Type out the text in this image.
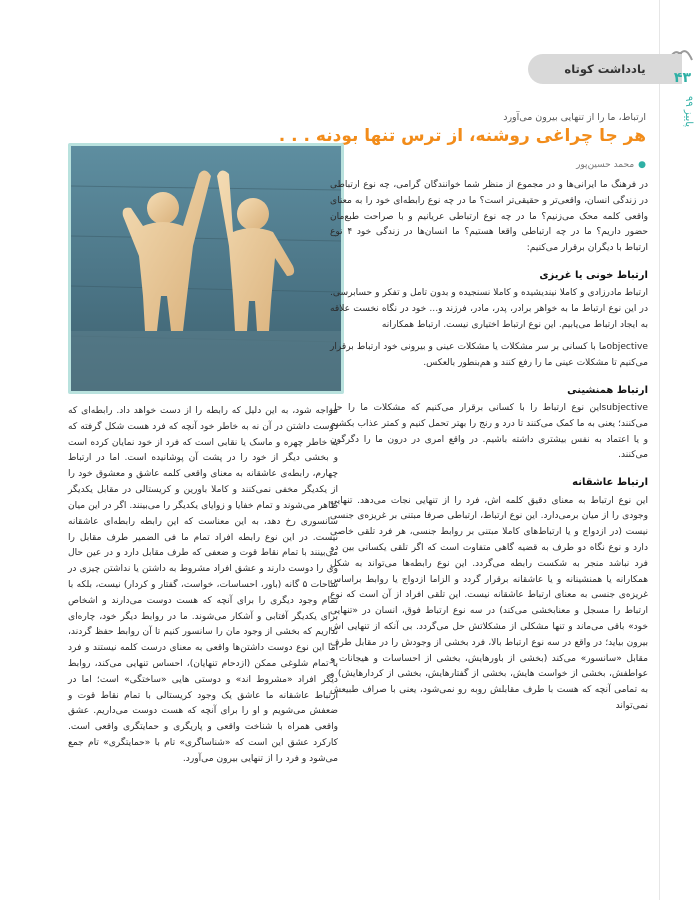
یادداشت کوتاه
۴۳
پاییز ۹۹
ارتباط، ما را از تنهایی بیرون می‌آورد
هر جا چراغی روشنه، از ترس تنها بودنه . . .
●
محمد حسین‌پور

در فرهنگ ما ایرانی‌ها و در مجموع از منظر شما خوانندگان گرامی، چه نوع ارتباطی در زندگی انسان، واقعی‌تر و حقیقی‌تر است؟ ما در چه نوع رابطه‌ای خود را به معنای واقعی کلمه محک می‌زنیم؟ ما در چه نوع ارتباطی عریانیم و با صراحت طبع‌مان حضور داریم؟ ما در چه ارتباطی واقعا هستیم؟ ما انسان‌ها در زندگی خود ۴ نوع ارتباط با دیگران برقرار می‌کنیم:

ارتباط خونی یا غریزی

ارتباط مادرزادی و کاملا نیندیشیده و کاملا نسنجیده و بدون تامل و تفکر و حسابرسی. در این نوع ارتباط ما به خواهر برادر، پدر، مادر، فرزند و... خود در نگاه نخست علاقه به ایجاد ارتباط می‌یابیم. این نوع ارتباط اختیاری نیست. ارتباط همکارانه

objectiveما با کسانی بر سر مشکلات یا مشکلات عینی و بیرونی خود ارتباط برقرار می‌کنیم تا مشکلات عینی ما را رفع کنند و هم‌بنطور بالعکس.

ارتباط همنشینی

subjectiveاین نوع ارتباط را با کسانی برقرار می‌کنیم که مشکلات ما را حل می‌کنند؛ یعنی به ما کمک می‌کنند تا درد و رنج را بهتر تحمل کنیم و کمتر عذاب بکشیم و یا اعتماد به نفس بیشتری داشته باشیم. در واقع امری در درون ما را دگرگون می‌کنند.

ارتباط عاشقانه

این نوع ارتباط به معنای دقیق کلمه اش، فرد را از تنهایی نجات می‌دهد. تنهایی وجودی را از میان برمی‌دارد. این نوع ارتباط، ارتباطی صرفا مبتنی بر غریزه‌ی جنسی نیست (در ازدواج و یا ارتباط‌های کاملا مبتنی بر روابط جنسی، هر فرد تلقی خاصی دارد و نوع نگاه دو طرف به قضیه گاهی متفاوت است که اگر تلقی یکسانی بین دو فرد نباشد منجر به شکست رابطه می‌گردد. این نوع رابطه‌ها می‌تواند به شکل همکارانه یا همنشینانه و یا عاشقانه برقرار گردد و الزاما ازدواج یا روابط براساس غریزه‌ی جنسی به معنای ارتباط عاشقانه نیست. این تلقی افراد از آن است که نوع ارتباط را مسجل و معنابخشی می‌کند) در سه نوع ارتباط فوق، انسان در «تنهایی خود» باقی می‌ماند و تنها مشکلی از مشکلاتش حل می‌گردد. بی آنکه از تنهایی اش بیرون بیاید؛ در واقع در سه نوع ارتباط بالا، فرد بخشی از وجودش را در مقابل طرف مقابل «سانسور» می‌کند (بخشی از باورهایش، بخشی از احساسات و هیجانات و عواطفش، بخشی از خواست هایش، بخشی از گفتارهایش، بخشی از کردارهایش) و به تمامی آنچه که هست با طرف مقابلش روبه رو نمی‌شود، یعنی با صراف طبیعش نمی‌تواند

مواجه شود، به این دلیل که رابطه را از دست خواهد داد. رابطه‌ای که دوست داشتن در آن نه به خاطر خود آنچه که فرد هست شکل گرفته که به خاطر چهره و ماسک یا نقابی است که فرد از خود نمایان کرده است و بخشی دیگر از خود را در پشت آن پوشانیده است. اما در ارتباط چهارم، رابطه‌ی عاشقانه به معنای واقعی کلمه عاشق و معشوق خود را از یکدیگر مخفی نمی‌کنند و کاملا باورین و کریستالی در مقابل یکدیگر ظاهر می‌شوند و تمام خفایا و زوایای یکدیگر را می‌بینند. اگر در این میان سانسوری رخ دهد، به این معناست که این رابطه رابطه‌ای عاشقانه نیست. در این نوع رابطه افراد تمام ما فی الضمیر طرف مقابل را می‌بینند با تمام نقاط قوت و ضعفی که طرف مقابل دارد و در عین حال وی را دوست دارند و عشق افراد مشروط به داشتن یا نداشتن چیزی در ساحات ۵ گانه (باور، احساسات، خواست، گفتار و کردار) نیست، بلکه با تمام وجود دیگری را برای آنچه که هست دوست می‌دارند و اشخاص برای یکدیگر آفتابی و آشکار می‌شوند. ما در روابط دیگر خود، چاره‌ای نداریم که بخشی از وجود مان را سانسور کنیم تا آن روابط حفظ گردند، اما این نوع دوست داشتن‌ها واقعی به معنای درست کلمه نیستند و فرد با تمام شلوغی ممکن (ازدحام تنهایان)، احساس تنهایی می‌کند، روابط دیگر افراد «مشروط اند» و دوستی هایی «ساختگی» است؛ اما در ارتباط عاشقانه ما عاشق یک وجود کریستالی با تمام نقاط قوت و ضعفش می‌شویم و او را برای آنچه که هست دوست می‌داریم. عشق واقعی همراه با شناخت واقعی و پاریگری و حمایتگری واقعی است. کارکرد عشق این است که «شناساگری» تام با «حمایتگری» تام جمع می‌شود و فرد را از تنهایی بیرون می‌آورد.
